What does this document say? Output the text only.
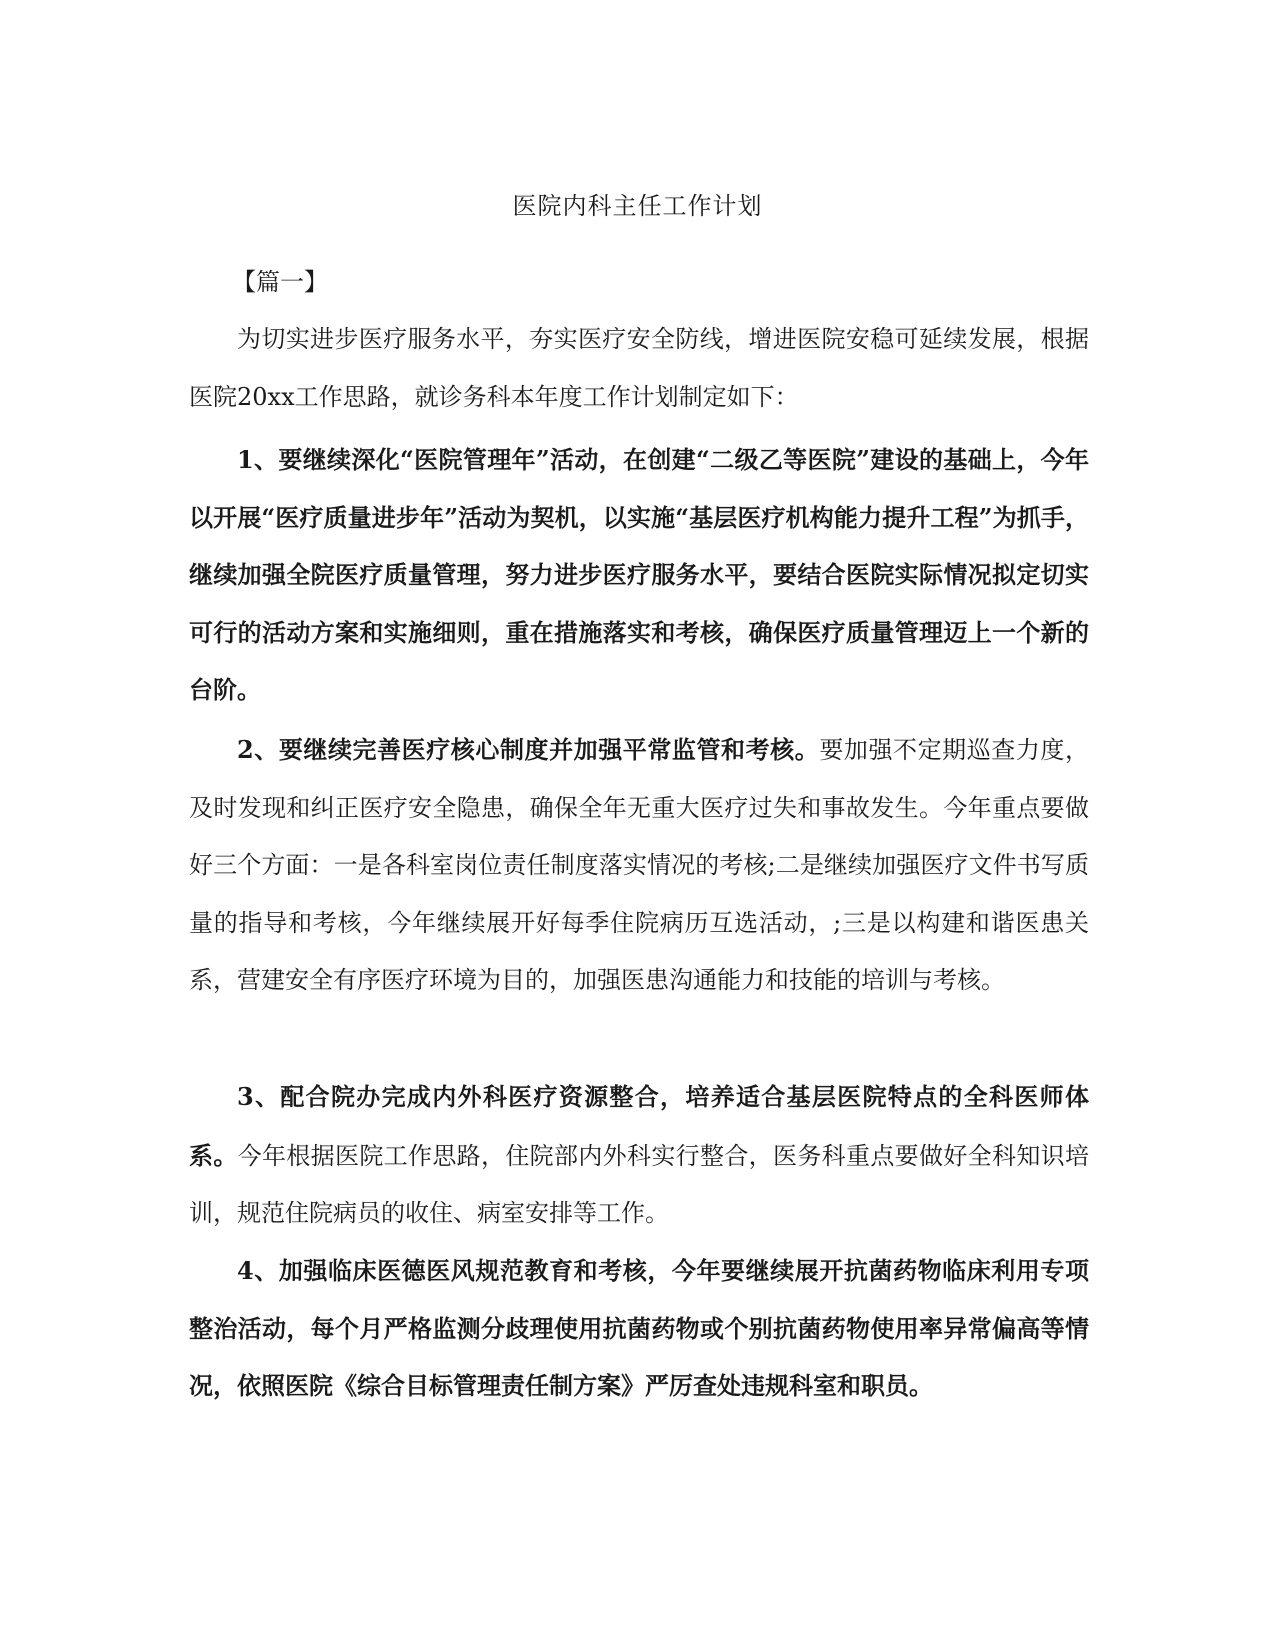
医院内科主任工作计划
【篇一】

为切实进步医疗服务水平，夯实医疗安全防线，增进医院安稳可延续发展，根据医院20xx工作思路，就诊务科本年度工作计划制定如下：

1、要继续深化“医院管理年”活动，在创建“二级乙等医院”建设的基础上，今年以开展“医疗质量进步年”活动为契机，以实施“基层医疗机构能力提升工程”为抓手，继续加强全院医疗质量管理，努力进步医疗服务水平，要结合医院实际情况拟定切实可行的活动方案和实施细则，重在措施落实和考核，确保医疗质量管理迈上一个新的台阶。

2、要继续完善医疗核心制度并加强平常监管和考核。要加强不定期巡查力度，及时发现和纠正医疗安全隐患，确保全年无重大医疗过失和事故发生。今年重点要做好三个方面：一是各科室岗位责任制度落实情况的考核;二是继续加强医疗文件书写质量的指导和考核，今年继续展开好每季住院病历互选活动，;三是以构建和谐医患关系，营建安全有序医疗环境为目的，加强医患沟通能力和技能的培训与考核。

3、配合院办完成内外科医疗资源整合，培养适合基层医院特点的全科医师体系。今年根据医院工作思路，住院部内外科实行整合，医务科重点要做好全科知识培训，规范住院病员的收住、病室安排等工作。

4、加强临床医德医风规范教育和考核，今年要继续展开抗菌药物临床利用专项整治活动，每个月严格监测分歧理使用抗菌药物或个别抗菌药物使用率异常偏高等情况，依照医院《综合目标管理责任制方案》严厉查处违规科室和职员。
